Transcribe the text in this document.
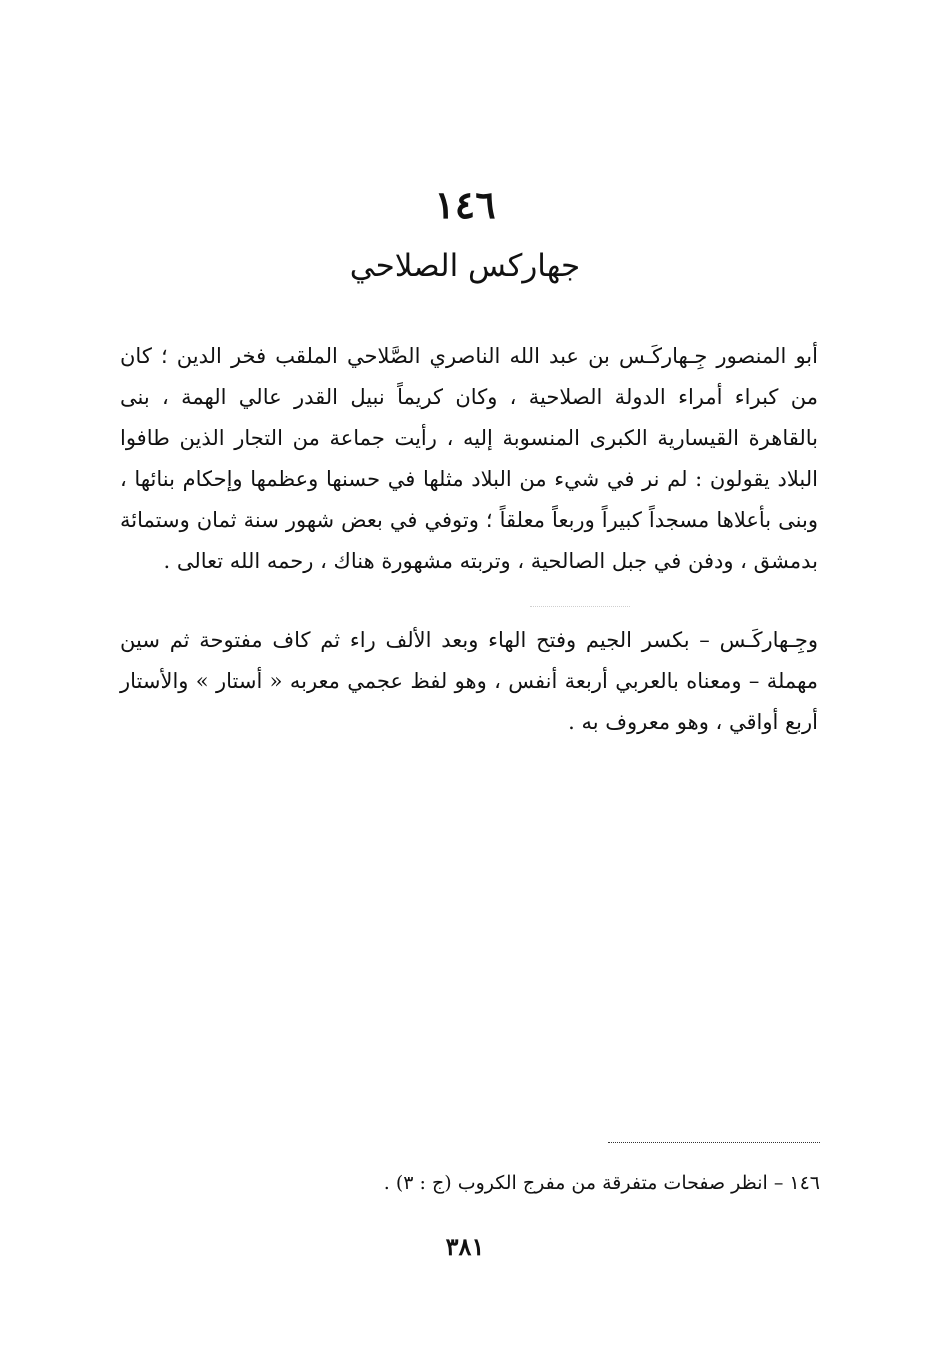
١٤٦
جهاركس الصلاحي

أبو المنصور جِـهاركَـس بن عبد الله الناصري الصَّلاحي الملقب فخر الدين ؛ كان من كبراء أمراء الدولة الصلاحية ، وكان كريماً نبيل القدر عالي الهمة ، بنى بالقاهرة القيسارية الكبرى المنسوبة إليه ، رأيت جماعة من التجار الذين طافوا البلاد يقولون : لم نر في شيء من البلاد مثلها في حسنها وعظمها وإحكام بنائها ، وبنى بأعلاها مسجداً كبيراً وربعاً معلقاً ؛ وتوفي في بعض شهور سنة ثمان وستمائة بدمشق ، ودفن في جبل الصالحية ، وتربته مشهورة هناك ، رحمه الله تعالى .

وجِـهاركَـس – بكسر الجيم وفتح الهاء وبعد الألف راء ثم كاف مفتوحة ثم سين مهملة – ومعناه بالعربي أربعة أنفس ، وهو لفظ عجمي معربه « أستار » والأستار أربع أواقي ، وهو معروف به .

١٤٦ – انظر صفحات متفرقة من مفرج الكروب (ج : ٣) .
٣٨١
